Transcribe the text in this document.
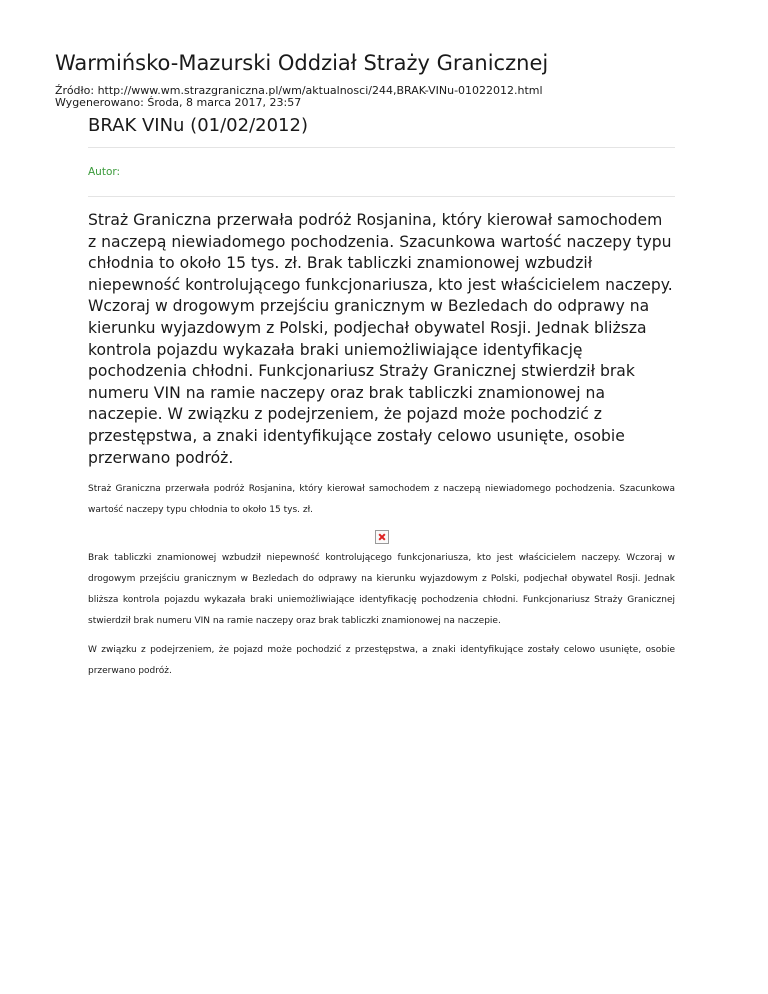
Warmińsko-Mazurski Oddział Straży Granicznej
Źródło: http://www.wm.strazgraniczna.pl/wm/aktualnosci/244,BRAK-VINu-01022012.html
Wygenerowano: Środa, 8 marca 2017, 23:57
BRAK VINu (01/02/2012)

Autor:

Straż Graniczna przerwała podróż Rosjanina, który kierował samochodem z naczepą niewiadomego pochodzenia. Szacunkowa wartość naczepy typu chłodnia to około 15 tys. zł. Brak tabliczki znamionowej wzbudził niepewność kontrolującego funkcjonariusza, kto jest właścicielem naczepy. Wczoraj w drogowym przejściu granicznym w Bezledach do odprawy na kierunku wyjazdowym z Polski, podjechał obywatel Rosji. Jednak bliższa kontrola pojazdu wykazała braki uniemożliwiające identyfikację pochodzenia chłodni. Funkcjonariusz Straży Granicznej stwierdził brak numeru VIN na ramie naczepy oraz brak tabliczki znamionowej na naczepie. W związku z podejrzeniem, że pojazd może pochodzić z przestępstwa, a znaki identyfikujące zostały celowo usunięte, osobie przerwano podróż.

Straż Graniczna przerwała podróż Rosjanina, który kierował samochodem z naczepą niewiadomego pochodzenia. Szacunkowa wartość naczepy typu chłodnia to około 15 tys. zł.

Brak tabliczki znamionowej wzbudził niepewność kontrolującego funkcjonariusza, kto jest właścicielem naczepy. Wczoraj w drogowym przejściu granicznym w Bezledach do odprawy na kierunku wyjazdowym z Polski, podjechał obywatel Rosji. Jednak bliższa kontrola pojazdu wykazała braki uniemożliwiające identyfikację pochodzenia chłodni. Funkcjonariusz Straży Granicznej stwierdził brak numeru VIN na ramie naczepy oraz brak tabliczki znamionowej na naczepie.

W związku z podejrzeniem, że pojazd może pochodzić z przestępstwa, a znaki identyfikujące zostały celowo usunięte, osobie przerwano podróż.
